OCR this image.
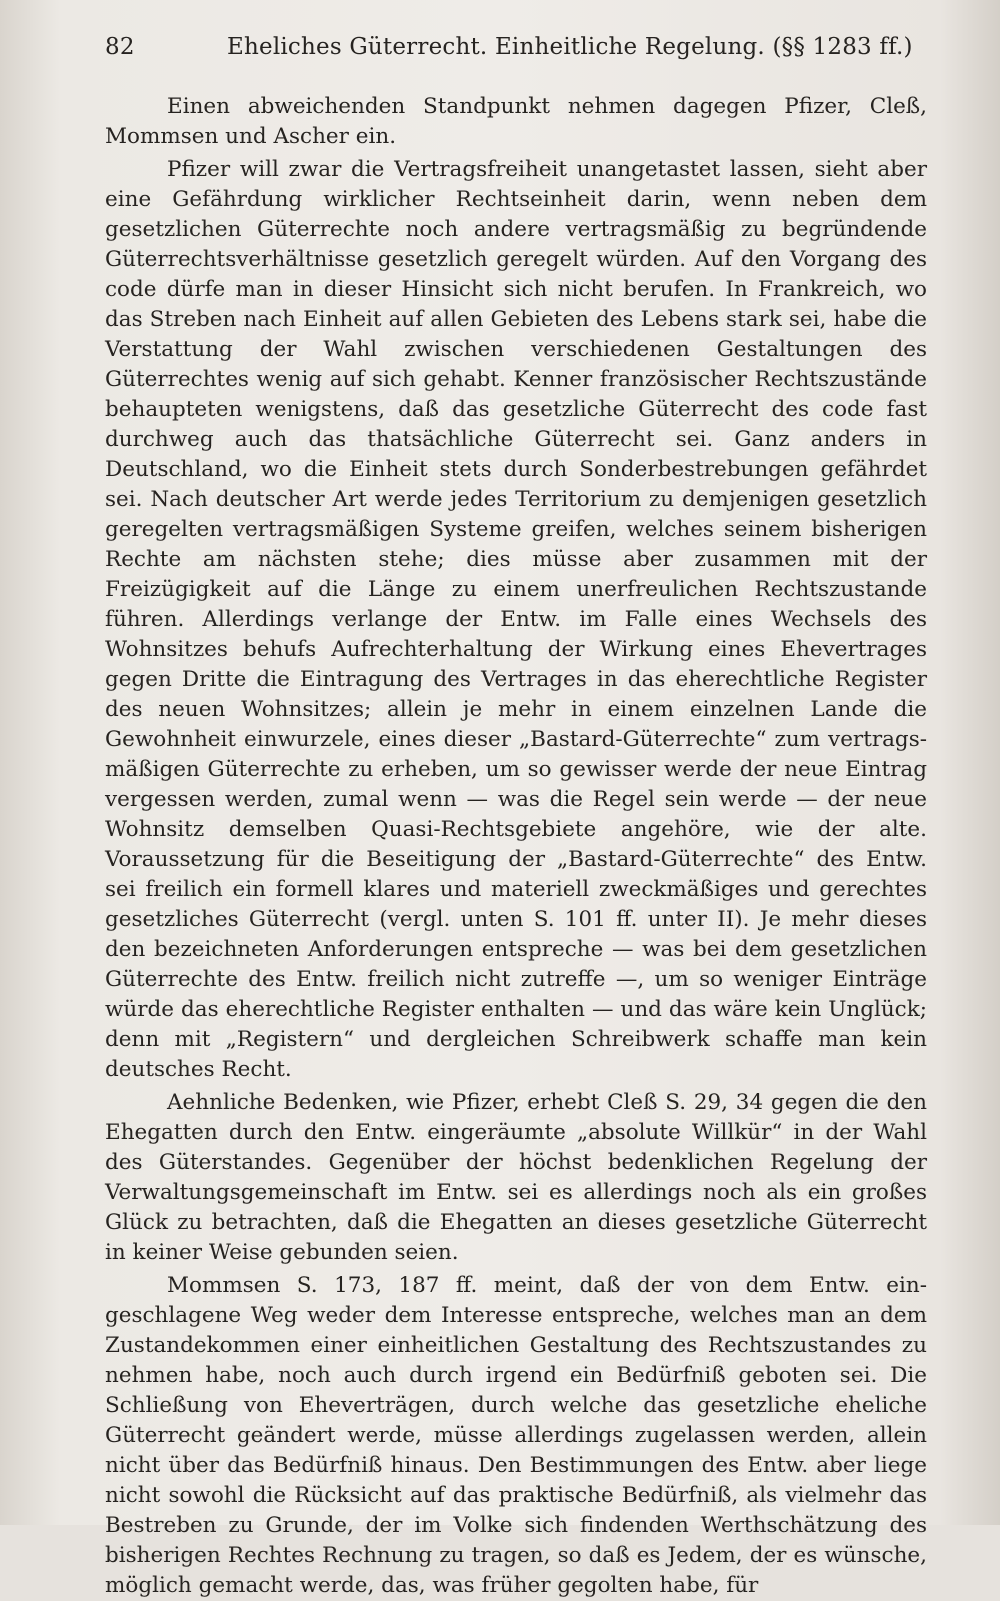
82	Eheliches Güterrecht. Einheitliche Regelung. (§§ 1283 ff.)

Einen abweichenden Standpunkt nehmen dagegen Pfizer, Cleß, Mommsen und Ascher ein.

Pfizer will zwar die Vertragsfreiheit unangetastet lassen, sieht aber eine Gefährdung wirklicher Rechtseinheit darin, wenn neben dem gesetzlichen Güterrechte noch andere vertragsmäßig zu begründende Güterrechtsverhältnisse gesetzlich geregelt würden. Auf den Vorgang des code dürfe man in dieser Hinsicht sich nicht berufen. In Frankreich, wo das Streben nach Einheit auf allen Gebieten des Lebens stark sei, habe die Verstattung der Wahl zwischen verschiedenen Gestaltungen des Güterrechtes wenig auf sich gehabt. Kenner französischer Rechtszustände behaupteten wenigstens, daß das gesetzliche Güterrecht des code fast durchweg auch das thatsächliche Güterrecht sei. Ganz anders in Deutschland, wo die Einheit stets durch Sonderbestrebungen gefährdet sei. Nach deutscher Art werde jedes Territorium zu demjenigen gesetzlich geregelten vertragsmäßigen Systeme greifen, welches seinem bisherigen Rechte am nächsten stehe; dies müsse aber zusammen mit der Freizügigkeit auf die Länge zu einem unerfreulichen Rechtszustande führen. Allerdings verlange der Entw. im Falle eines Wechsels des Wohnsitzes behufs Aufrechterhaltung der Wirkung eines Ehevertrages gegen Dritte die Eintragung des Vertrages in das eherechtliche Register des neuen Wohnsitzes; allein je mehr in einem einzelnen Lande die Gewohnheit einwurzele, eines dieser „Bastard-Güterrechte“ zum vertragsmäßigen Güterrechte zu erheben, um so gewisser werde der neue Eintrag vergessen werden, zumal wenn — was die Regel sein werde — der neue Wohnsitz demselben Quasi-Rechtsgebiete angehöre, wie der alte. Voraussetzung für die Beseitigung der „Bastard-Güterrechte“ des Entw. sei freilich ein formell klares und materiell zweckmäßiges und gerechtes gesetzliches Güterrecht (vergl. unten S. 101 ff. unter II). Je mehr dieses den bezeichneten Anforderungen entspreche — was bei dem gesetzlichen Güterrechte des Entw. freilich nicht zutreffe —, um so weniger Einträge würde das eherechtliche Register enthalten — und das wäre kein Unglück; denn mit „Registern“ und dergleichen Schreibwerk schaffe man kein deutsches Recht.

Aehnliche Bedenken, wie Pfizer, erhebt Cleß S. 29, 34 gegen die den Ehegatten durch den Entw. eingeräumte „absolute Willkür“ in der Wahl des Güterstandes. Gegenüber der höchst bedenklichen Regelung der Verwaltungsgemeinschaft im Entw. sei es allerdings noch als ein großes Glück zu betrachten, daß die Ehegatten an dieses gesetzliche Güterrecht in keiner Weise gebunden seien.

Mommsen S. 173, 187 ff. meint, daß der von dem Entw. eingeschlagene Weg weder dem Interesse entspreche, welches man an dem Zustandekommen einer einheitlichen Gestaltung des Rechtszustandes zu nehmen habe, noch auch durch irgend ein Bedürfniß geboten sei. Die Schließung von Eheverträgen, durch welche das gesetzliche eheliche Güterrecht geändert werde, müsse allerdings zugelassen werden, allein nicht über das Bedürfniß hinaus. Den Bestimmungen des Entw. aber liege nicht sowohl die Rücksicht auf das praktische Bedürfniß, als vielmehr das Bestreben zu Grunde, der im Volke sich findenden Werthschätzung des bisherigen Rechtes Rechnung zu tragen, so daß es Jedem, der es wünsche, möglich gemacht werde, das, was früher gegolten habe, für
